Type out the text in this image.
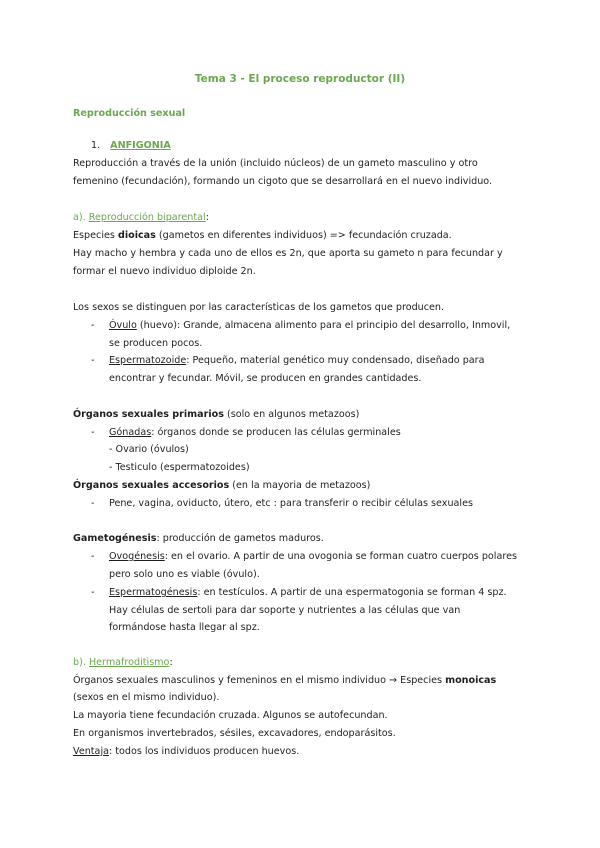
Tema 3 - El proceso reproductor (II)
Reproducción sexual
1. ANFIGONIA
Reproducción a través de la unión (incluido núcleos) de un gameto masculino y otro
femenino (fecundación), formando un cigoto que se desarrollará en el nuevo individuo.
a). Reproducción biparental:
Especies dioicas (gametos en diferentes individuos) => fecundación cruzada.
Hay macho y hembra y cada uno de ellos es 2n, que aporta su gameto n para fecundar y
formar el nuevo individuo diploide 2n.
Los sexos se distinguen por las características de los gametos que producen.
- Óvulo (huevo): Grande, almacena alimento para el principio del desarrollo, Inmovil,
se producen pocos.
- Espermatozoide: Pequeño, material genético muy condensado, diseñado para
encontrar y fecundar. Móvil, se producen en grandes cantidades.
Órganos sexuales primarios (solo en algunos metazoos)
- Gónadas: órganos donde se producen las células germinales
- Ovario (óvulos)
- Testiculo (espermatozoides)
Órganos sexuales accesorios (en la mayoria de metazoos)
- Pene, vagina, oviducto, útero, etc : para transferir o recibir células sexuales
Gametogénesis: producción de gametos maduros.
- Ovogénesis: en el ovario. A partir de una ovogonia se forman cuatro cuerpos polares
pero solo uno es viable (óvulo).
- Espermatogénesis: en testículos. A partir de una espermatogonia se forman 4 spz.
Hay células de sertoli para dar soporte y nutrientes a las células que van
formándose hasta llegar al spz.
b). Hermafroditismo:
Órganos sexuales masculinos y femeninos en el mismo individuo → Especies monoicas
(sexos en el mismo individuo).
La mayoria tiene fecundación cruzada. Algunos se autofecundan.
En organismos invertebrados, sésiles, excavadores, endoparásitos.
Ventaja: todos los individuos producen huevos.
